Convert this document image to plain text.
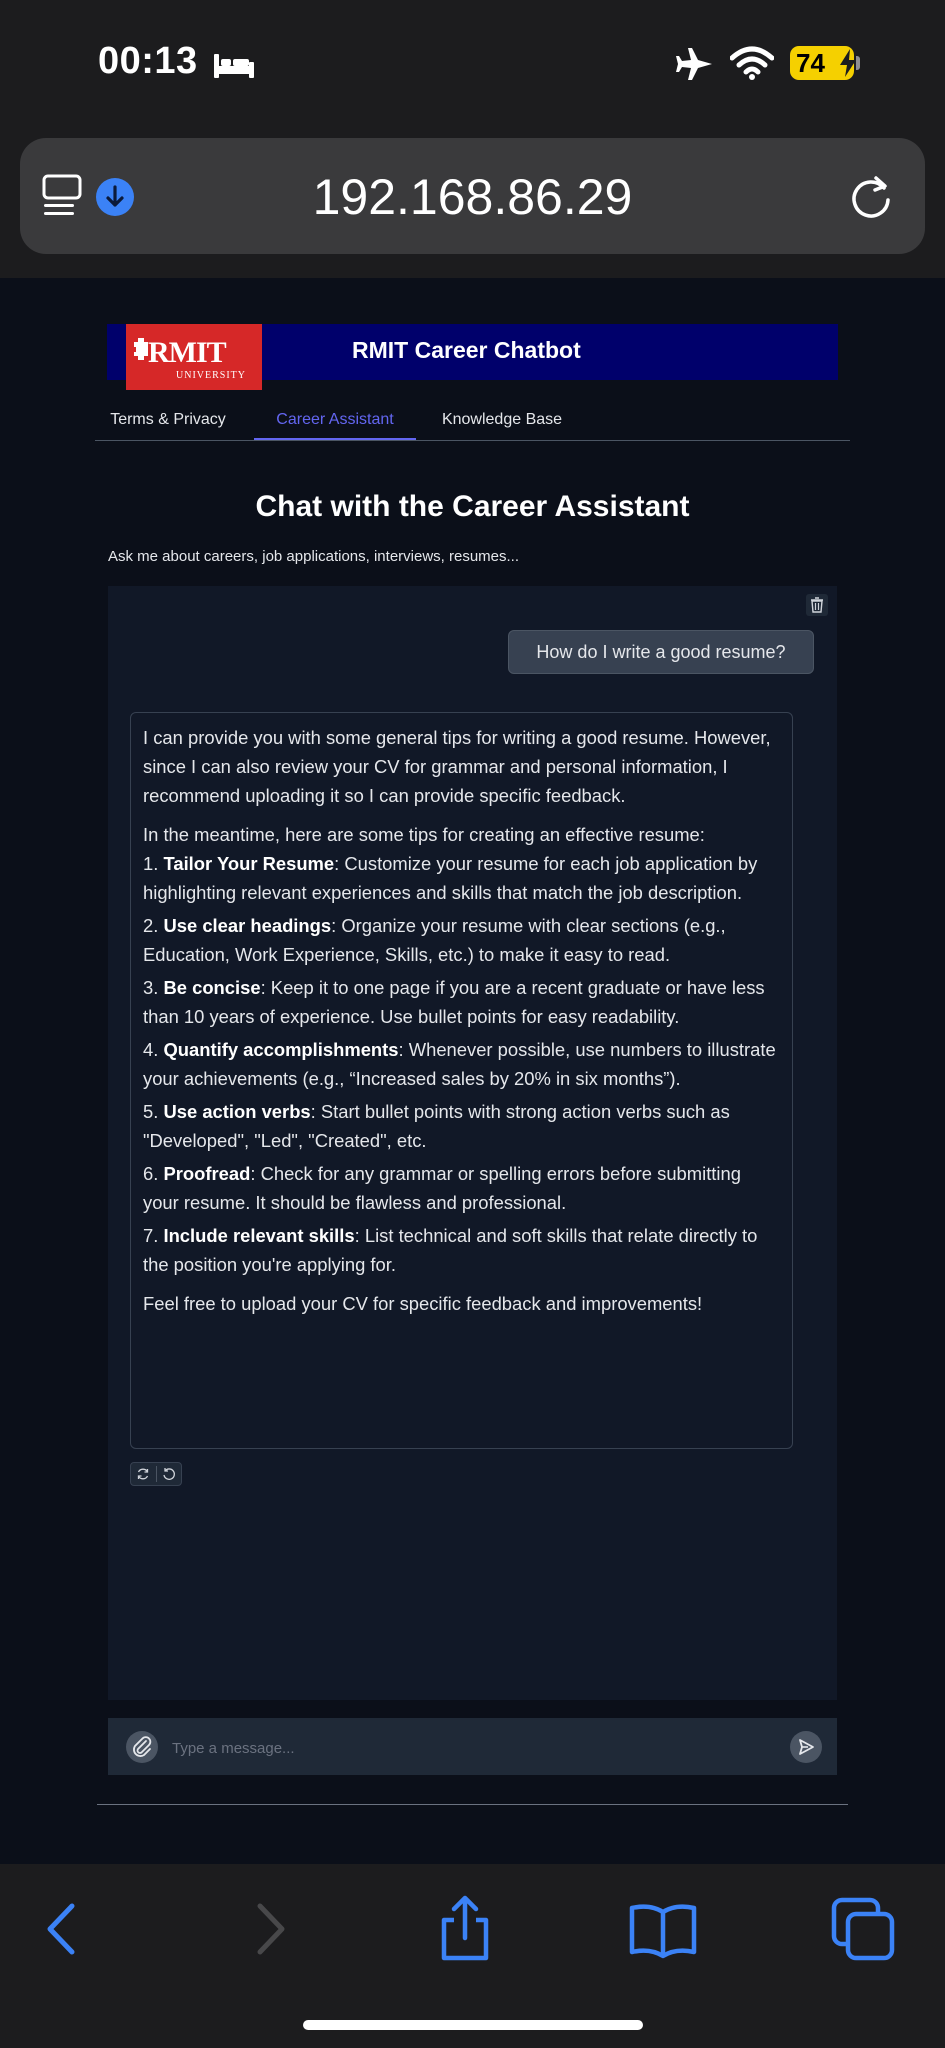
00:13	74
192.168.86.29
RMIT
UNIVERSITY
RMIT Career Chatbot
Terms & Privacy	Career Assistant	Knowledge Base
Chat with the Career Assistant
Ask me about careers, job applications, interviews, resumes...
How do I write a good resume?

I can provide you with some general tips for writing a good resume. However, since I can also review your CV for grammar and personal information, I recommend uploading it so I can provide specific feedback.

In the meantime, here are some tips for creating an effective resume:

1. Tailor Your Resume: Customize your resume for each job application by highlighting relevant experiences and skills that match the job description.

2. Use clear headings: Organize your resume with clear sections (e.g., Education, Work Experience, Skills, etc.) to make it easy to read.

3. Be concise: Keep it to one page if you are a recent graduate or have less than 10 years of experience. Use bullet points for easy readability.

4. Quantify accomplishments: Whenever possible, use numbers to illustrate your achievements (e.g., “Increased sales by 20% in six months”).

5. Use action verbs: Start bullet points with strong action verbs such as "Developed", "Led", "Created", etc.

6. Proofread: Check for any grammar or spelling errors before submitting your resume. It should be flawless and professional.

7. Include relevant skills: List technical and soft skills that relate directly to the position you're applying for.

Feel free to upload your CV for specific feedback and improvements!

Type a message...
